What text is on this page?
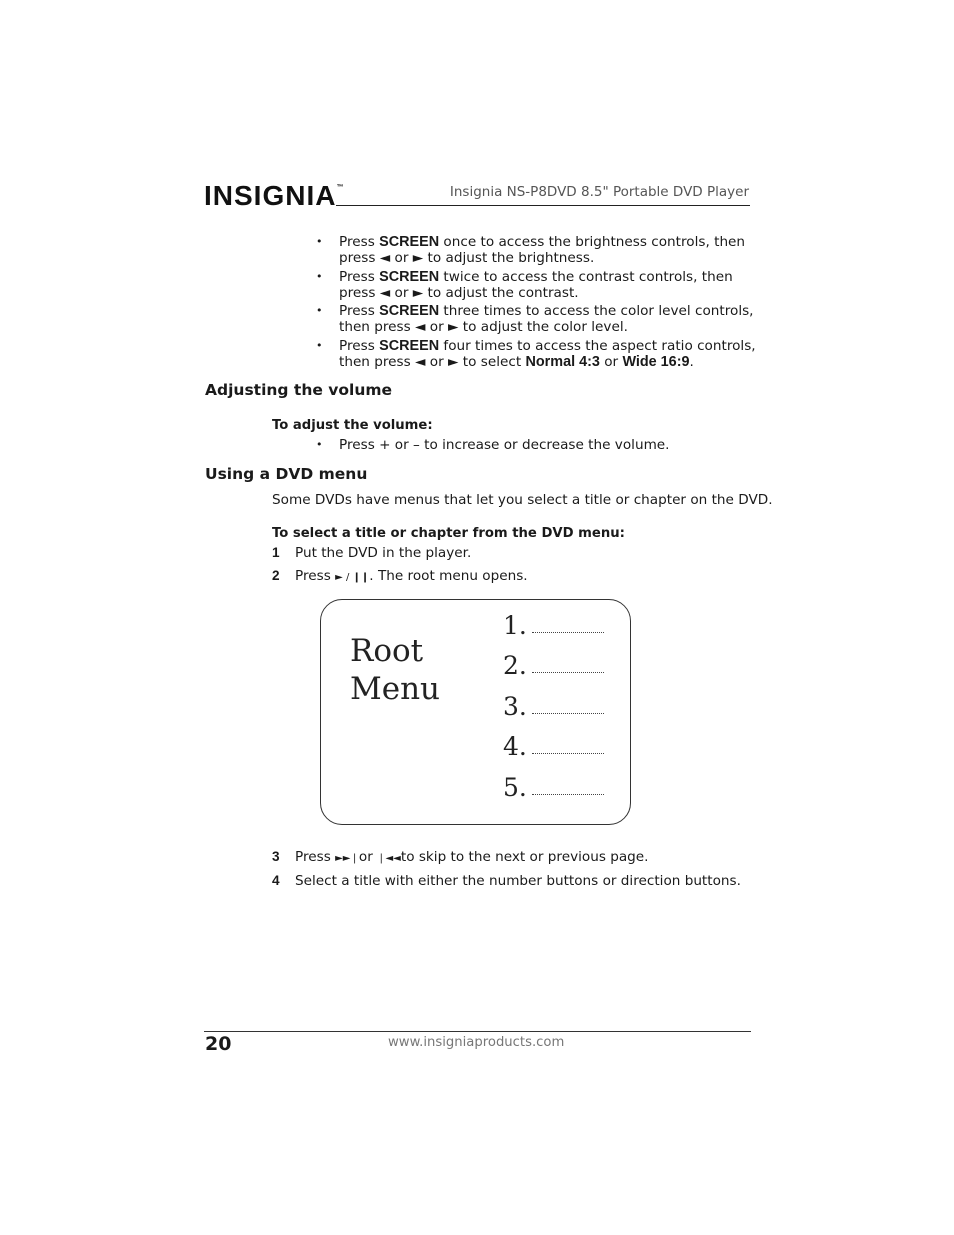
INSIGNIA™	Insignia NS-P8DVD 8.5" Portable DVD Player
• Press SCREEN once to access the brightness controls, then press ◄ or ► to adjust the brightness.
• Press SCREEN twice to access the contrast controls, then press ◄ or ► to adjust the contrast.
• Press SCREEN three times to access the color level controls, then press ◄ or ► to adjust the color level.
• Press SCREEN four times to access the aspect ratio controls, then press ◄ or ► to select Normal 4:3 or Wide 16:9.
Adjusting the volume
To adjust the volume:
• Press + or – to increase or decrease the volume.
Using a DVD menu
Some DVDs have menus that let you select a title or chapter on the DVD.
To select a title or chapter from the DVD menu:
1 Put the DVD in the player.
2 Press ► / ❙❙. The root menu opens.
Root
Menu
1.
2.
3.
4.
5.
3 Press ►►❘or ❘◄◄to skip to the next or previous page.
4 Select a title with either the number buttons or direction buttons.
20	www.insigniaproducts.com
